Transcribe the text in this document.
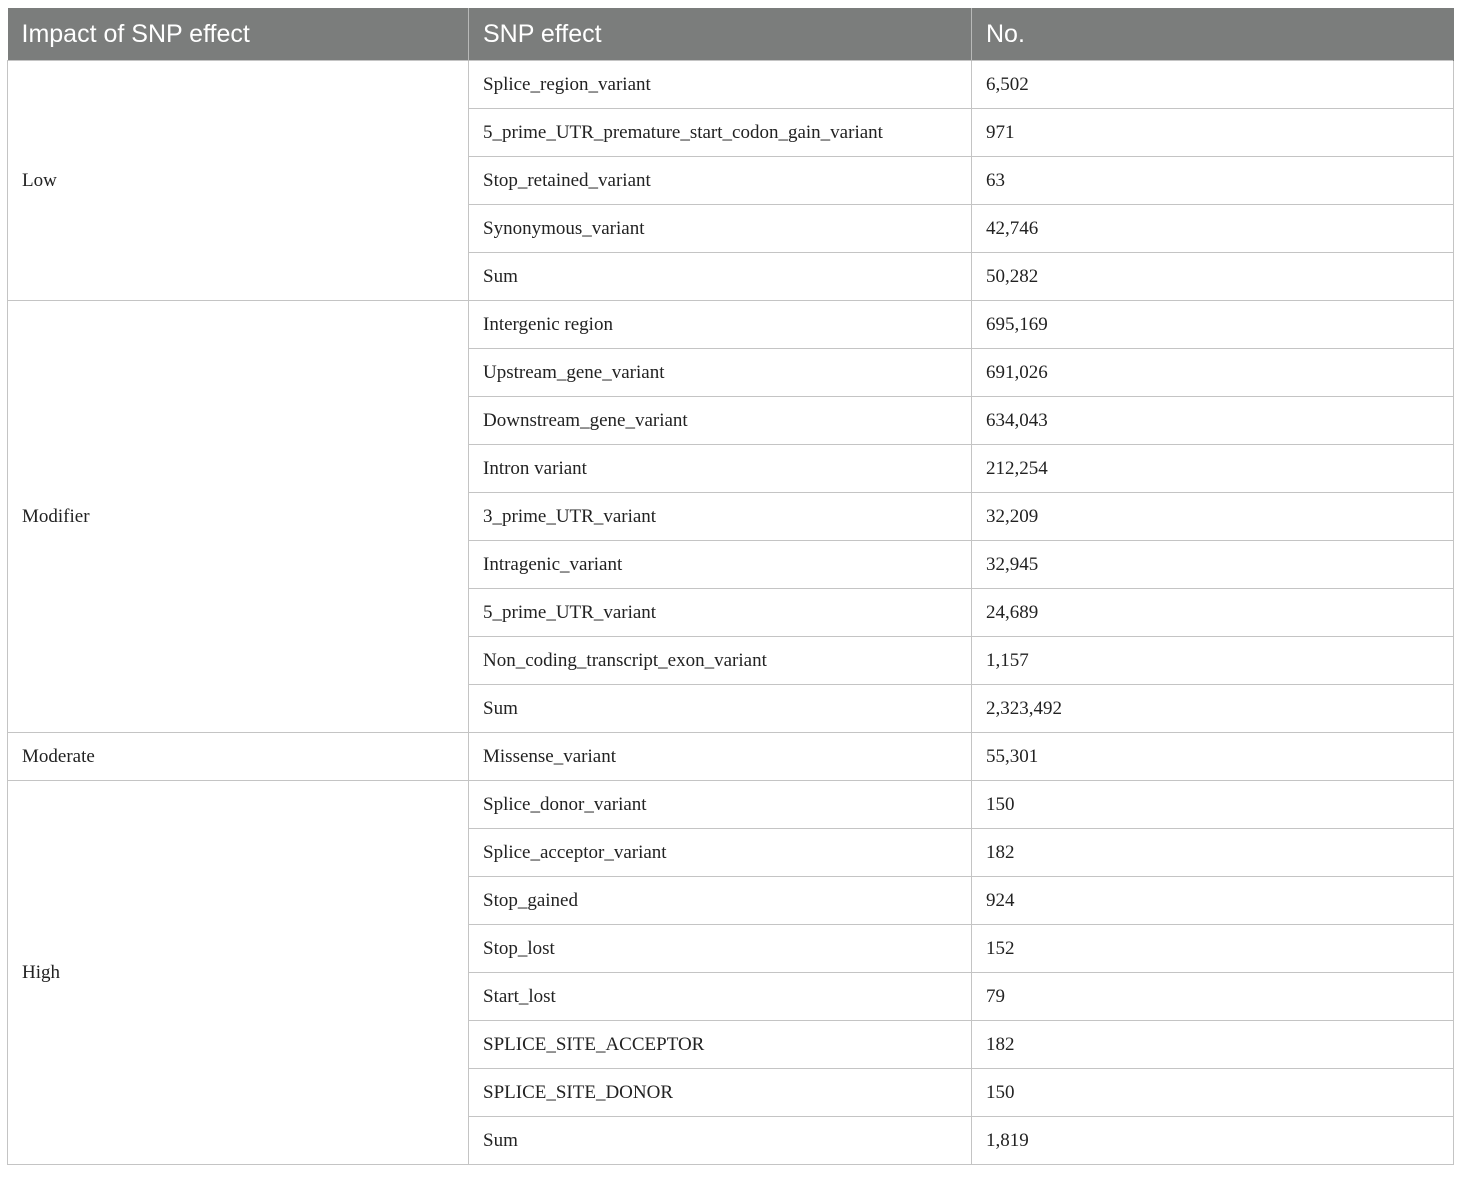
Impact of SNP effect	SNP effect	No.
Low	Splice_region_variant	6,502
	5_prime_UTR_premature_start_codon_gain_variant	971
	Stop_retained_variant	63
	Synonymous_variant	42,746
	Sum	50,282
Modifier	Intergenic region	695,169
	Upstream_gene_variant	691,026
	Downstream_gene_variant	634,043
	Intron variant	212,254
	3_prime_UTR_variant	32,209
	Intragenic_variant	32,945
	5_prime_UTR_variant	24,689
	Non_coding_transcript_exon_variant	1,157
	Sum	2,323,492
Moderate	Missense_variant	55,301
High	Splice_donor_variant	150
	Splice_acceptor_variant	182
	Stop_gained	924
	Stop_lost	152
	Start_lost	79
	SPLICE_SITE_ACCEPTOR	182
	SPLICE_SITE_DONOR	150
	Sum	1,819
